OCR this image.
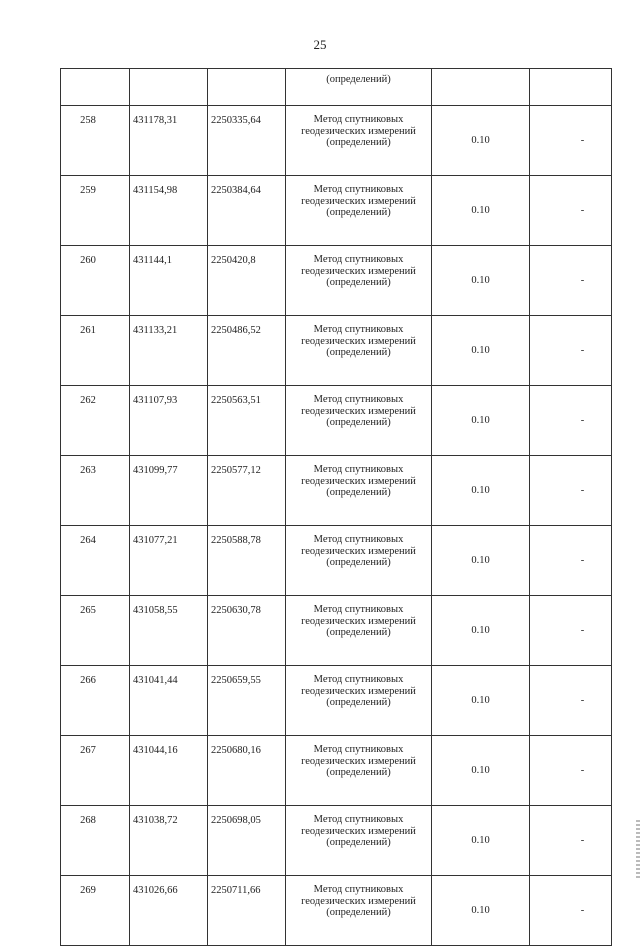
25
			(определений)		
258	431178,31	2250335,64	Метод спутниковых
геодезических измерений
(определений)	0.10	-
259	431154,98	2250384,64	Метод спутниковых
геодезических измерений
(определений)	0.10	-
260	431144,1	2250420,8	Метод спутниковых
геодезических измерений
(определений)	0.10	-
261	431133,21	2250486,52	Метод спутниковых
геодезических измерений
(определений)	0.10	-
262	431107,93	2250563,51	Метод спутниковых
геодезических измерений
(определений)	0.10	-
263	431099,77	2250577,12	Метод спутниковых
геодезических измерений
(определений)	0.10	-
264	431077,21	2250588,78	Метод спутниковых
геодезических измерений
(определений)	0.10	-
265	431058,55	2250630,78	Метод спутниковых
геодезических измерений
(определений)	0.10	-
266	431041,44	2250659,55	Метод спутниковых
геодезических измерений
(определений)	0.10	-
267	431044,16	2250680,16	Метод спутниковых
геодезических измерений
(определений)	0.10	-
268	431038,72	2250698,05	Метод спутниковых
геодезических измерений
(определений)	0.10	-
269	431026,66	2250711,66	Метод спутниковых
геодезических измерений
(определений)	0.10	-
